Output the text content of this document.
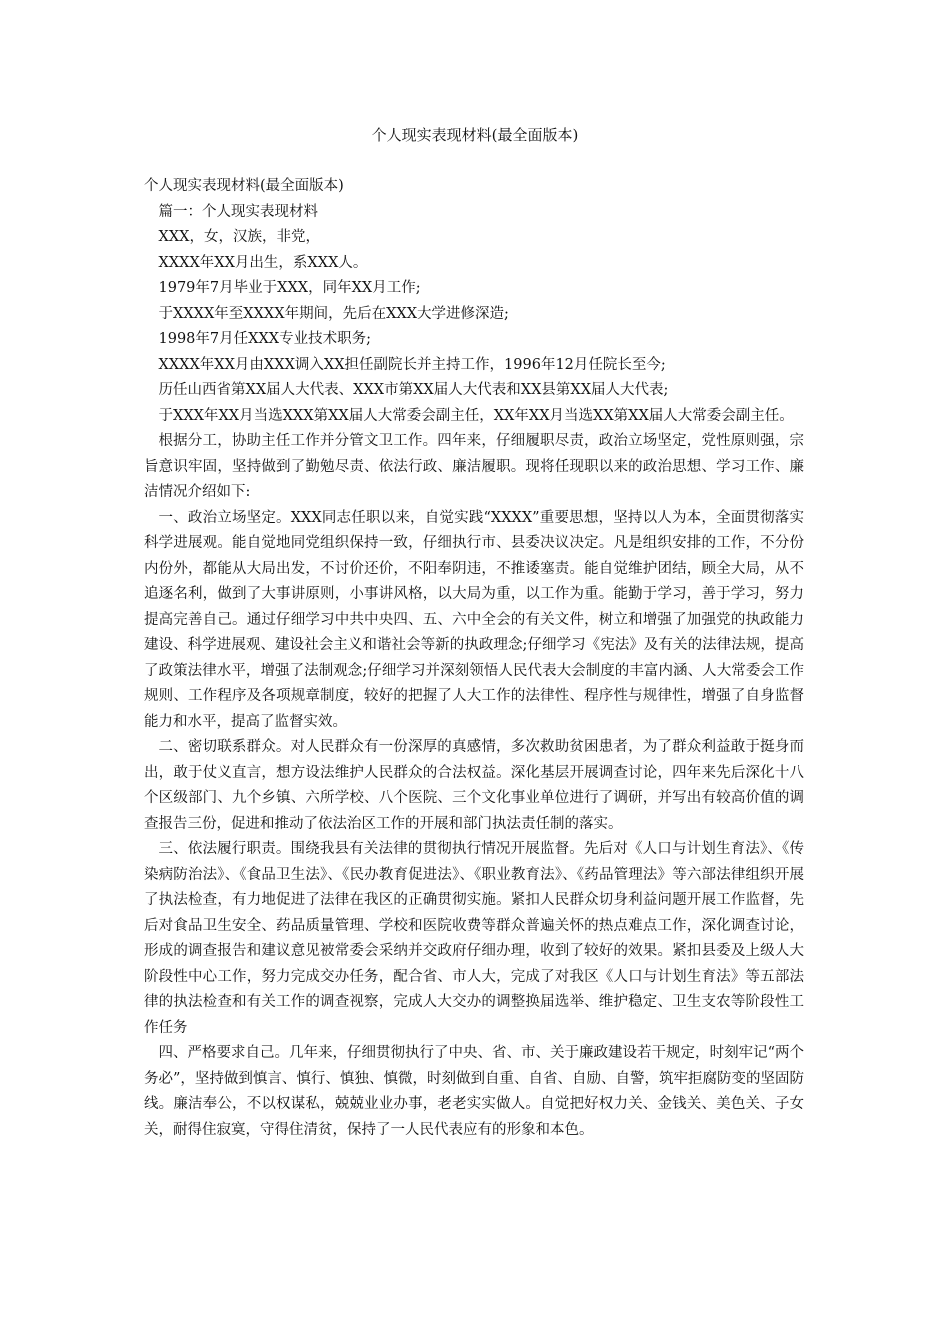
个人现实表现材料(最全面版本)

个人现实表现材料(最全面版本)

篇一：个人现实表现材料

XXX，女，汉族，非党，

XXXX年XX月出生，系XXX人。

1979年7月毕业于XXX，同年XX月工作;

于XXXX年至XXXX年期间，先后在XXX大学进修深造;

1998年7月任XXX专业技术职务;

XXXX年XX月由XXX调入XX担任副院长并主持工作，1996年12月任院长至今;

历任山西省第XX届人大代表、XXX市第XX届人大代表和XX县第XX届人大代表;

于XXX年XX月当选XXX第XX届人大常委会副主任，XX年XX月当选XX第XX届人大常委会副主任。

根据分工，协助主任工作并分管文卫工作。四年来，仔细履职尽责，政治立场坚定，党性原则强，宗旨意识牢固，坚持做到了勤勉尽责、依法行政、廉洁履职。现将任现职以来的政治思想、学习工作、廉洁情况介绍如下:

一、政治立场坚定。XXX同志任职以来，自觉实践“XXXX”重要思想，坚持以人为本，全面贯彻落实科学进展观。能自觉地同党组织保持一致，仔细执行市、县委决议决定。凡是组织安排的工作，不分份内份外，都能从大局出发，不讨价还价，不阳奉阴违，不推诿塞责。能自觉维护团结，顾全大局，从不追逐名利，做到了大事讲原则，小事讲风格，以大局为重，以工作为重。能勤于学习，善于学习，努力提高完善自己。通过仔细学习中共中央四、五、六中全会的有关文件，树立和增强了加强党的执政能力建设、科学进展观、建设社会主义和谐社会等新的执政理念;仔细学习《宪法》及有关的法律法规，提高了政策法律水平，增强了法制观念;仔细学习并深刻领悟人民代表大会制度的丰富内涵、人大常委会工作规则、工作程序及各项规章制度，较好的把握了人大工作的法律性、程序性与规律性，增强了自身监督能力和水平，提高了监督实效。

二、密切联系群众。对人民群众有一份深厚的真感情，多次救助贫困患者，为了群众利益敢于挺身而出，敢于仗义直言，想方设法维护人民群众的合法权益。深化基层开展调查讨论，四年来先后深化十八个区级部门、九个乡镇、六所学校、八个医院、三个文化事业单位进行了调研，并写出有较高价值的调查报告三份，促进和推动了依法治区工作的开展和部门执法责任制的落实。

三、依法履行职责。围绕我县有关法律的贯彻执行情况开展监督。先后对《人口与计划生育法》、《传染病防治法》、《食品卫生法》、《民办教育促进法》、《职业教育法》、《药品管理法》等六部法律组织开展了执法检查，有力地促进了法律在我区的正确贯彻实施。紧扣人民群众切身利益问题开展工作监督，先后对食品卫生安全、药品质量管理、学校和医院收费等群众普遍关怀的热点难点工作，深化调查讨论，形成的调查报告和建议意见被常委会采纳并交政府仔细办理，收到了较好的效果。紧扣县委及上级人大阶段性中心工作，努力完成交办任务，配合省、市人大，完成了对我区《人口与计划生育法》等五部法律的执法检查和有关工作的调查视察，完成人大交办的调整换届选举、维护稳定、卫生支农等阶段性工作任务

四、严格要求自己。几年来，仔细贯彻执行了中央、省、市、关于廉政建设若干规定，时刻牢记“两个务必”，坚持做到慎言、慎行、慎独、慎微，时刻做到自重、自省、自励、自警，筑牢拒腐防变的坚固防线。廉洁奉公，不以权谋私，兢兢业业办事，老老实实做人。自觉把好权力关、金钱关、美色关、子女关，耐得住寂寞，守得住清贫，保持了一人民代表应有的形象和本色。
